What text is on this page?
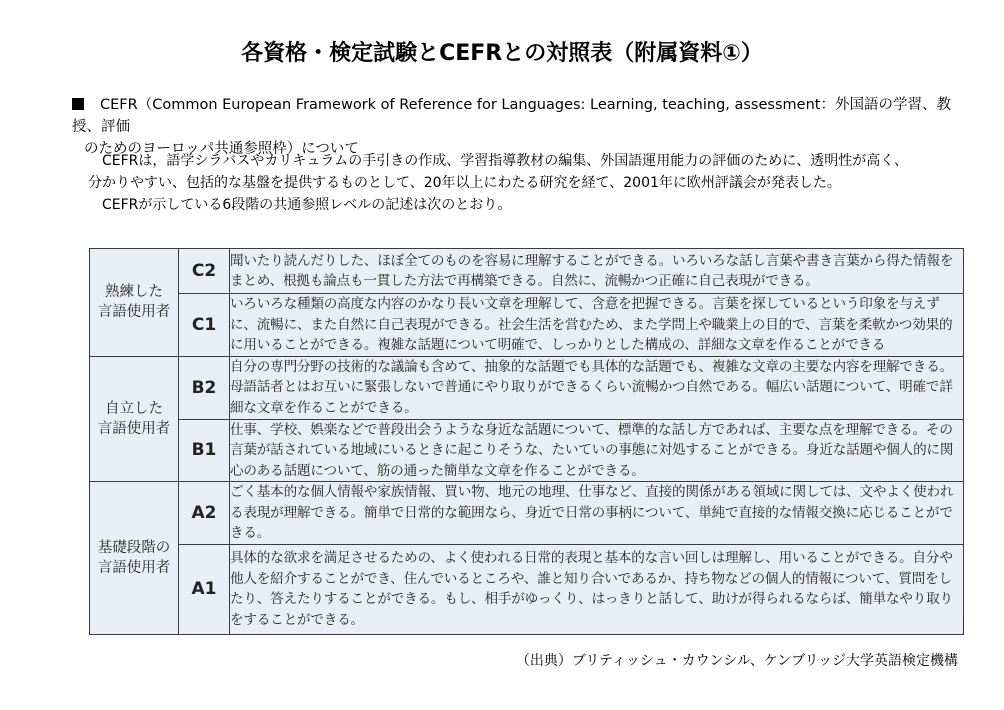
各資格・検定試験とCEFRとの対照表（附属資料①）
CEFR（Common European Framework of Reference for Languages: Learning, teaching, assessment：外国語の学習、教授、評価
のためのヨーロッパ共通参照枠）について

CEFRは，語学シラバスやカリキュラムの手引きの作成、学習指導教材の編集、外国語運用能力の評価のために、透明性が高く、

分かりやすい、包括的な基盤を提供するものとして、20年以上にわたる研究を経て、2001年に欧州評議会が発表した。

CEFRが示している6段階の共通参照レベルの記述は次のとおり。

熟練した
言語使用者	C2	聞いたり読んだりした、ほぼ全てのものを容易に理解することができる。いろいろな話し言葉や書き言葉から得た情報をまとめ、根拠も論点も一貫した方法で再構築できる。自然に、流暢かつ正確に自己表現ができる。
	C1	いろいろな種類の高度な内容のかなり長い文章を理解して、含意を把握できる。言葉を探しているという印象を与えずに、流暢に、また自然に自己表現ができる。社会生活を営むため、また学問上や職業上の目的で、言葉を柔軟かつ効果的に用いることができる。複雑な話題について明確で、しっかりとした構成の、詳細な文章を作ることができる

自立した
言語使用者	B2	自分の専門分野の技術的な議論も含めて、抽象的な話題でも具体的な話題でも、複雑な文章の主要な内容を理解できる。母語話者とはお互いに緊張しないで普通にやり取りができるくらい流暢かつ自然である。幅広い話題について、明確で詳細な文章を作ることができる。
	B1	仕事、学校、娯楽などで普段出会うような身近な話題について、標準的な話し方であれば、主要な点を理解できる。その言葉が話されている地域にいるときに起こりそうな、たいていの事態に対処することができる。身近な話題や個人的に関心のある話題について、筋の通った簡単な文章を作ることができる。

基礎段階の
言語使用者	A2	ごく基本的な個人情報や家族情報、買い物、地元の地理、仕事など、直接的関係がある領域に関しては、文やよく使われる表現が理解できる。簡単で日常的な範囲なら、身近で日常の事柄について、単純で直接的な情報交換に応じることができる。
	A1	具体的な欲求を満足させるための、よく使われる日常的表現と基本的な言い回しは理解し、用いることができる。自分や他人を紹介することができ、住んでいるところや、誰と知り合いであるか、持ち物などの個人的情報について、質問をしたり、答えたりすることができる。もし、相手がゆっくり、はっきりと話して、助けが得られるならば、簡単なやり取りをすることができる。
（出典）ブリティッシュ・カウンシル、ケンブリッジ大学英語検定機構
